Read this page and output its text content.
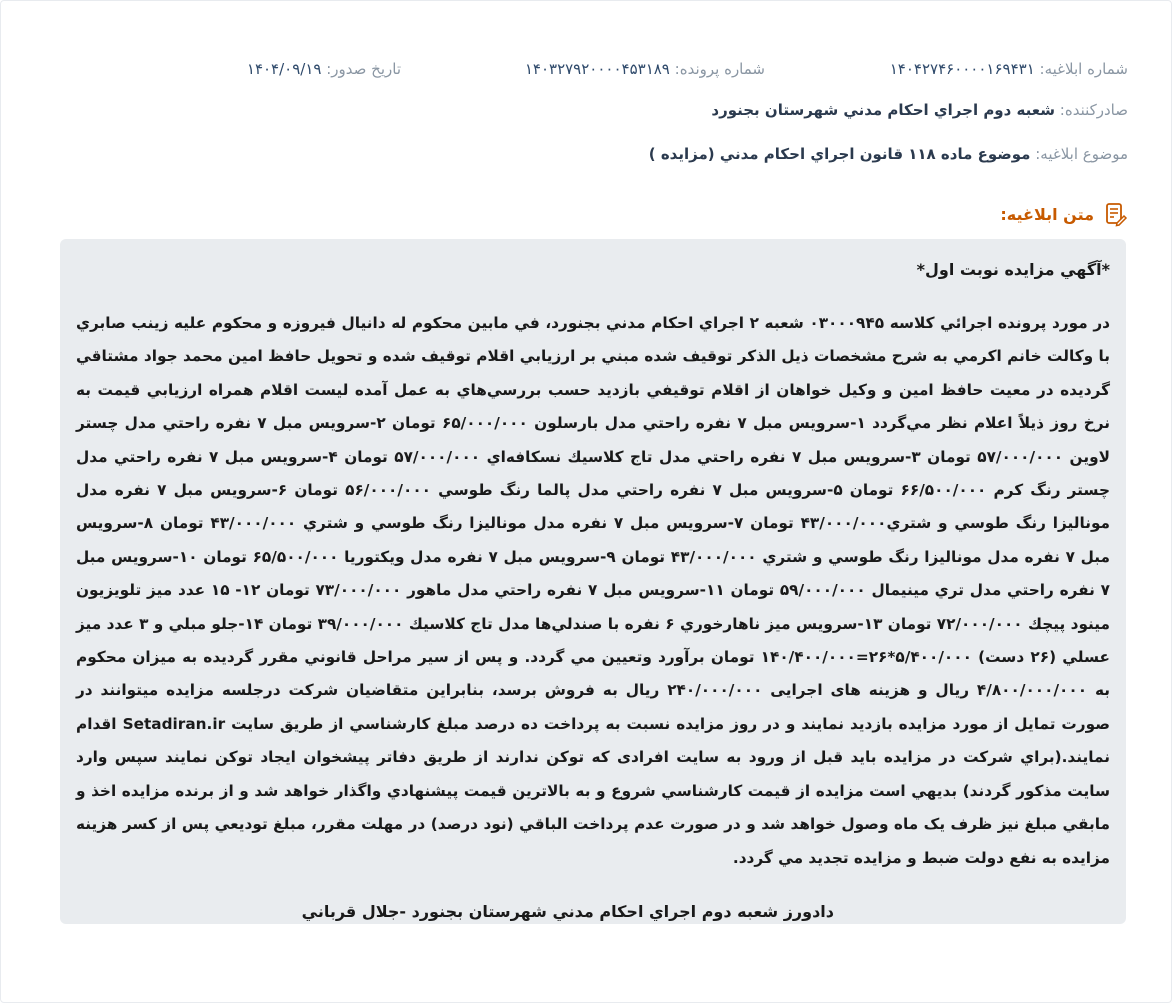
شماره ابلاغيه: ۱۴۰۴۲۷۴۶۰۰۰۰۱۶۹۴۳۱
شماره پرونده: ۱۴۰۳۲۷۹۲۰۰۰۰۴۵۳۱۸۹
تاريخ صدور: ۱۴۰۴/۰۹/۱۹
صادرکننده: شعبه دوم اجراي احكام مدني شهرستان بجنورد
موضوع ابلاغيه: موضوع ماده ۱۱۸ قانون اجراي احکام مدني (مزايده )
متن ابلاغیه:

*آگهي مزايده نوبت اول*

در مورد پرونده اجرائي كلاسه ۰۳۰۰۰۹۴۵ شعبه ۲ اجراي احكام مدني بجنورد، في مابين محكوم له دانيال فيروزه و محكوم عليه زينب صابري با وكالت خانم اكرمي به شرح مشخصات ذيل الذكر توقيف شده مبني بر ارزيابي اقلام توقيف شده و تحويل حافظ امين محمد جواد مشتاقي گرديده در معيت حافظ امين و وكيل خواهان از اقلام توقيفي بازديد حسب بررسي‌هاي به عمل آمده ليست اقلام همراه ارزيابي قيمت به نرخ روز ذيلاً اعلام نظر مي‌گردد ۱-سرويس مبل ۷ نفره راحتي مدل بارسلون ۶۵/۰۰۰/۰۰۰ تومان ۲-سرويس مبل ۷ نفره راحتي مدل چستر لاوين ۵۷/۰۰۰/۰۰۰ تومان ۳-سرويس مبل ۷ نفره راحتي مدل تاج كلاسيك نسكافه‌اي ۵۷/۰۰۰/۰۰۰ تومان ۴-سرويس مبل ۷ نفره راحتي مدل چستر رنگ كرم ۶۶/۵۰۰/۰۰۰ تومان ۵-سرويس مبل ۷ نفره راحتي مدل پالما رنگ طوسي ۵۶/۰۰۰/۰۰۰ تومان ۶-سرويس مبل ۷ نفره مدل موناليزا رنگ طوسي و شتري۴۳/۰۰۰/۰۰۰ تومان ۷-سرويس مبل ۷ نفره مدل موناليزا رنگ طوسي و شتري ۴۳/۰۰۰/۰۰۰ تومان ۸-سرويس مبل ۷ نفره مدل موناليزا رنگ طوسي و شتري ۴۳/۰۰۰/۰۰۰ تومان ۹-سرويس مبل ۷ نفره مدل ويكتوريا ۶۵/۵۰۰/۰۰۰ تومان ۱۰-سرويس مبل ۷ نفره راحتي مدل تري مينيمال ۵۹/۰۰۰/۰۰۰ تومان ۱۱-سرويس مبل ۷ نفره راحتي مدل ماهور ۷۳/۰۰۰/۰۰۰ تومان ۱۲- ۱۵ عدد ميز تلويزيون مينود پيچك ۷۲/۰۰۰/۰۰۰ تومان ۱۳-سرويس ميز ناهارخوري ۶ نفره با صندلي‌ها مدل تاج كلاسيك ۳۹/۰۰۰/۰۰۰ تومان ۱۴-جلو مبلي و ۳ عدد ميز عسلي (۲۶ دست) ۵/۴۰۰/۰۰۰*۲۶=۱۴۰/۴۰۰/۰۰۰ تومان برآورد وتعيين مي گردد. و پس از سير مراحل قانوني مقرر گرديده به ميزان محكوم به ۴/۸۰۰/۰۰۰/۰۰۰ ريال و هزينه های اجرایی ۲۴۰/۰۰۰/۰۰۰ ريال به فروش برسد، بنابراين متقاضيان شركت درجلسه مزايده ميتوانند در صورت تمايل از مورد مزايده بازديد نمايند و در روز مزايده نسبت به پرداخت ده درصد مبلغ كارشناسي از طريق سايت Setadiran.ir اقدام نمايند.(براي شركت در مزايده بايد قبل از ورود به سايت افرادی كه توكن ندارند از طريق دفاتر پيشخوان ايجاد توكن نمايند سپس وارد سايت مذكور گردند) بديهي است مزايده از قيمت كارشناسي شروع و به بالاترين قيمت پيشنهادي واگذار خواهد شد و از برنده مزايده اخذ و مابقي مبلغ نيز ظرف يک ماه وصول خواهد شد و در صورت عدم پرداخت الباقي (نود درصد) در مهلت مقرر، مبلغ توديعي پس از كسر هزينه مزايده به نفع دولت ضبط و مزايده تجديد مي گردد.

دادورز شعبه دوم اجراي احكام مدني شهرستان بجنورد -جلال قرباني
